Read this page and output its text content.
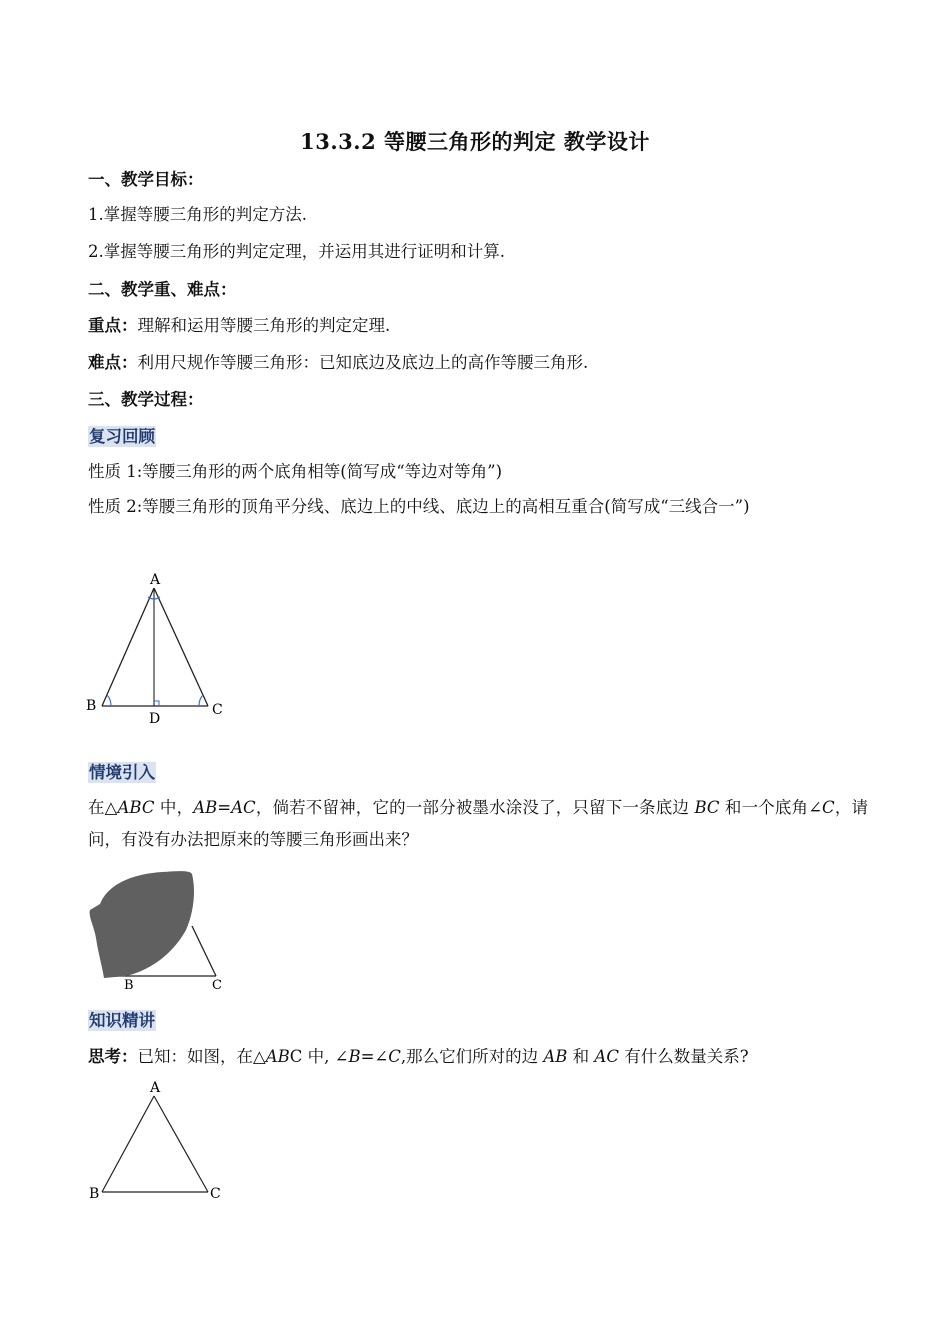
13.3.2 等腰三角形的判定 教学设计
一、教学目标：
1.掌握等腰三角形的判定方法.
2.掌握等腰三角形的判定定理，并运用其进行证明和计算.
二、教学重、难点：
重点：理解和运用等腰三角形的判定定理.
难点：利用尺规作等腰三角形：已知底边及底边上的高作等腰三角形.
三、教学过程：
复习回顾
性质 1:等腰三角形的两个底角相等(简写成“等边对等角”)
性质 2:等腰三角形的顶角平分线、底边上的中线、底边上的高相互重合(简写成“三线合一”)
A
B	C
D
情境引入
在△ABC 中，AB=AC，倘若不留神，它的一部分被墨水涂没了，只留下一条底边 BC 和一个底角∠C，请问，有没有办法把原来的等腰三角形画出来？
B	C
知识精讲
思考：已知：如图，在△ABC 中, ∠B=∠C,那么它们所对的边 AB 和 AC 有什么数量关系?
A
B	C
